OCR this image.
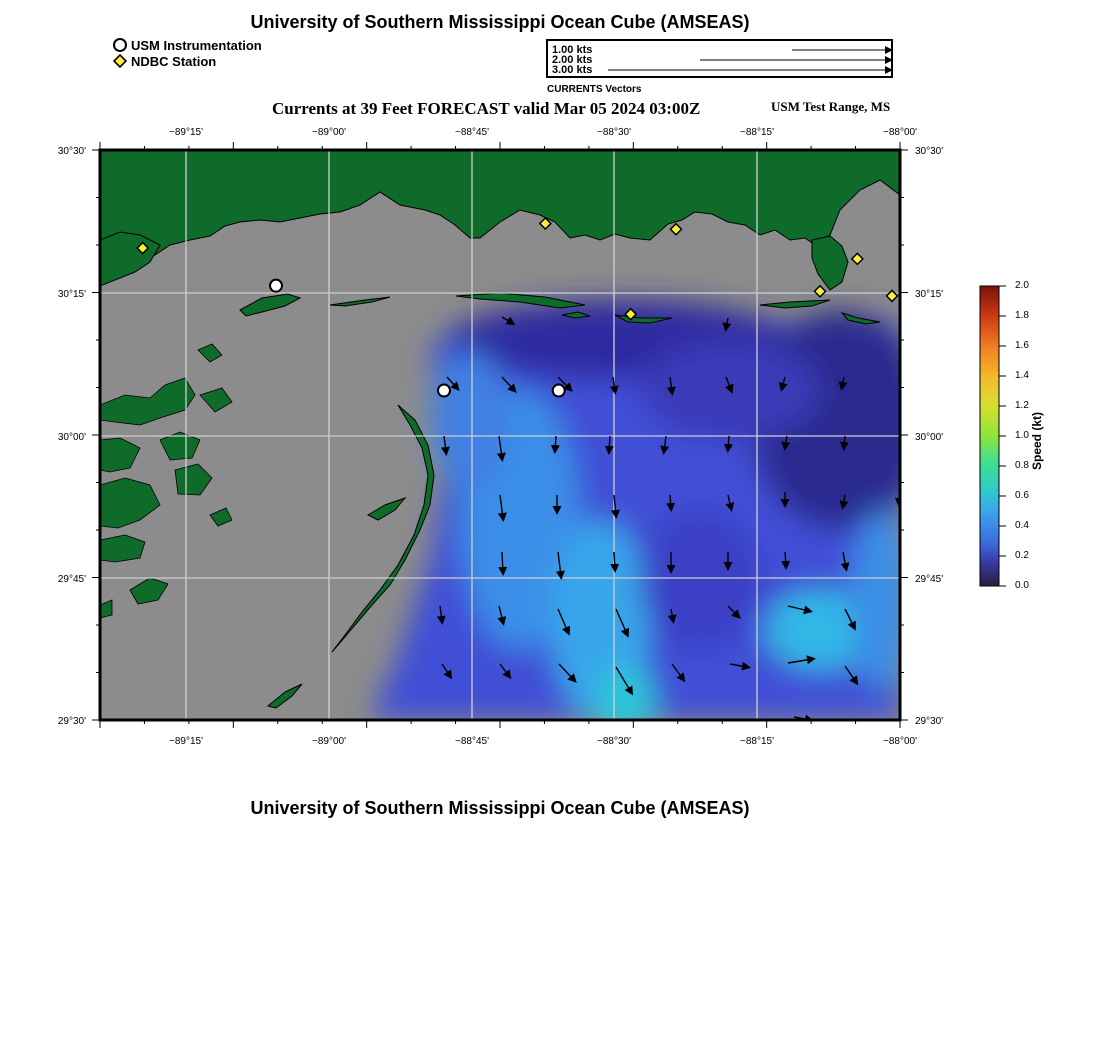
University of Southern Mississippi Ocean Cube (AMSEAS)
USM Instrumentation
NDBC Station
1.00 kts
2.00 kts
3.00 kts
CURRENTS Vectors
Currents at 39 Feet FORECAST valid Mar 05 2024 03:00Z	USM Test Range, MS
−89°15'	−89°00'	−88°45'	−88°30'	−88°15'	−88°00'
−89°15'	−89°00'	−88°45'	−88°30'	−88°15'	−88°00'
30°30'
30°15'
30°00'
29°45'
29°30'
30°30'
30°15'
30°00'
29°45'
29°30'
2.0
1.8
1.6
1.4
1.2
1.0
0.8
0.6
0.4
0.2
0.0
Speed (kt)
University of Southern Mississippi Ocean Cube (AMSEAS)
